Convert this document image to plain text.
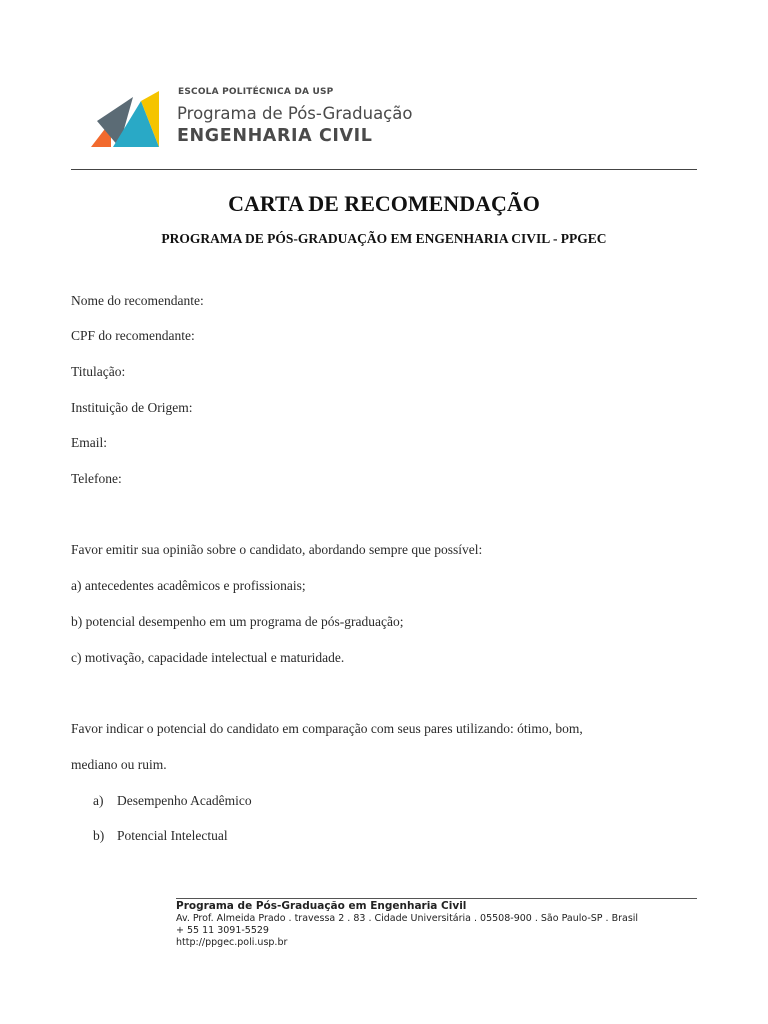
ESCOLA POLITÉCNICA DA USP
Programa de Pós-Graduação
ENGENHARIA CIVIL
CARTA DE RECOMENDAÇÃO
PROGRAMA DE PÓS-GRADUAÇÃO EM ENGENHARIA CIVIL - PPGEC
Nome do recomendante:
CPF do recomendante:
Titulação:
Instituição de Origem:
Email:
Telefone:
Favor emitir sua opinião sobre o candidato, abordando sempre que possível:
a) antecedentes acadêmicos e profissionais;
b) potencial desempenho em um programa de pós-graduação;
c) motivação, capacidade intelectual e maturidade.
Favor indicar o potencial do candidato em comparação com seus pares utilizando: ótimo, bom,
mediano ou ruim.
a) Desempenho Acadêmico
b) Potencial Intelectual
Programa de Pós-Graduação em Engenharia Civil
Av. Prof. Almeida Prado . travessa 2 . 83 . Cidade Universitária . 05508-900 . São Paulo-SP . Brasil
+ 55 11 3091-5529
http://ppgec.poli.usp.br
